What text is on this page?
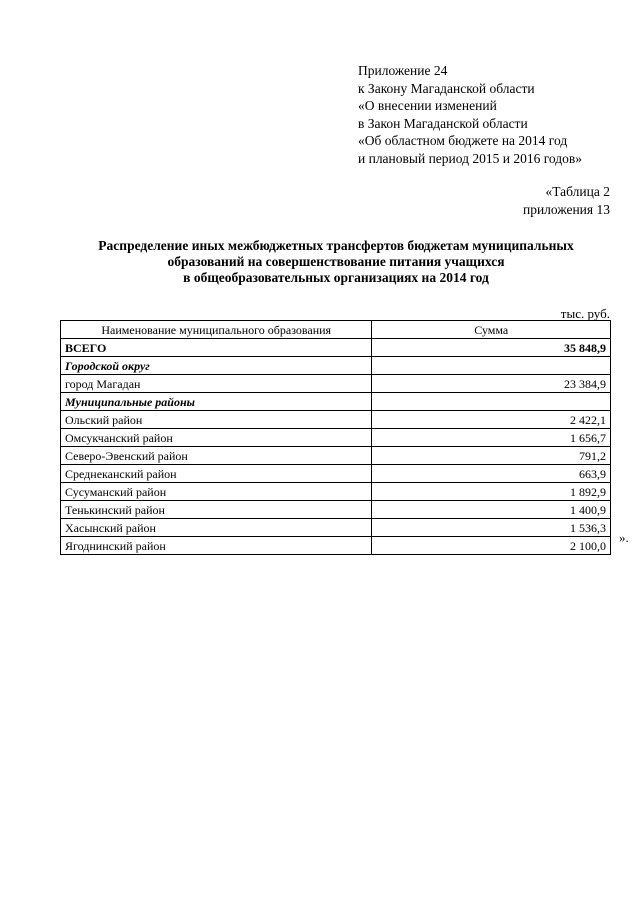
Приложение 24
к Закону Магаданской области
«О внесении изменений
в Закон Магаданской области
«Об областном бюджете на 2014 год
и плановый период 2015 и 2016 годов»
«Таблица 2
приложения 13
Распределение иных межбюджетных трансфертов бюджетам муниципальных
образований на совершенствование питания учащихся
в общеобразовательных организациях на 2014 год
тыс. руб.
Наименование муниципального образования	Сумма
ВСЕГО	35 848,9
Городской округ	
город Магадан	23 384,9
Муниципальные районы	
Ольский район	2 422,1
Омсукчанский район	1 656,7
Северо-Эвенский район	791,2
Среднеканский район	663,9
Сусуманский район	1 892,9
Тенькинский район	1 400,9
Хасынский район	1 536,3
Ягоднинский район	2 100,0
».
